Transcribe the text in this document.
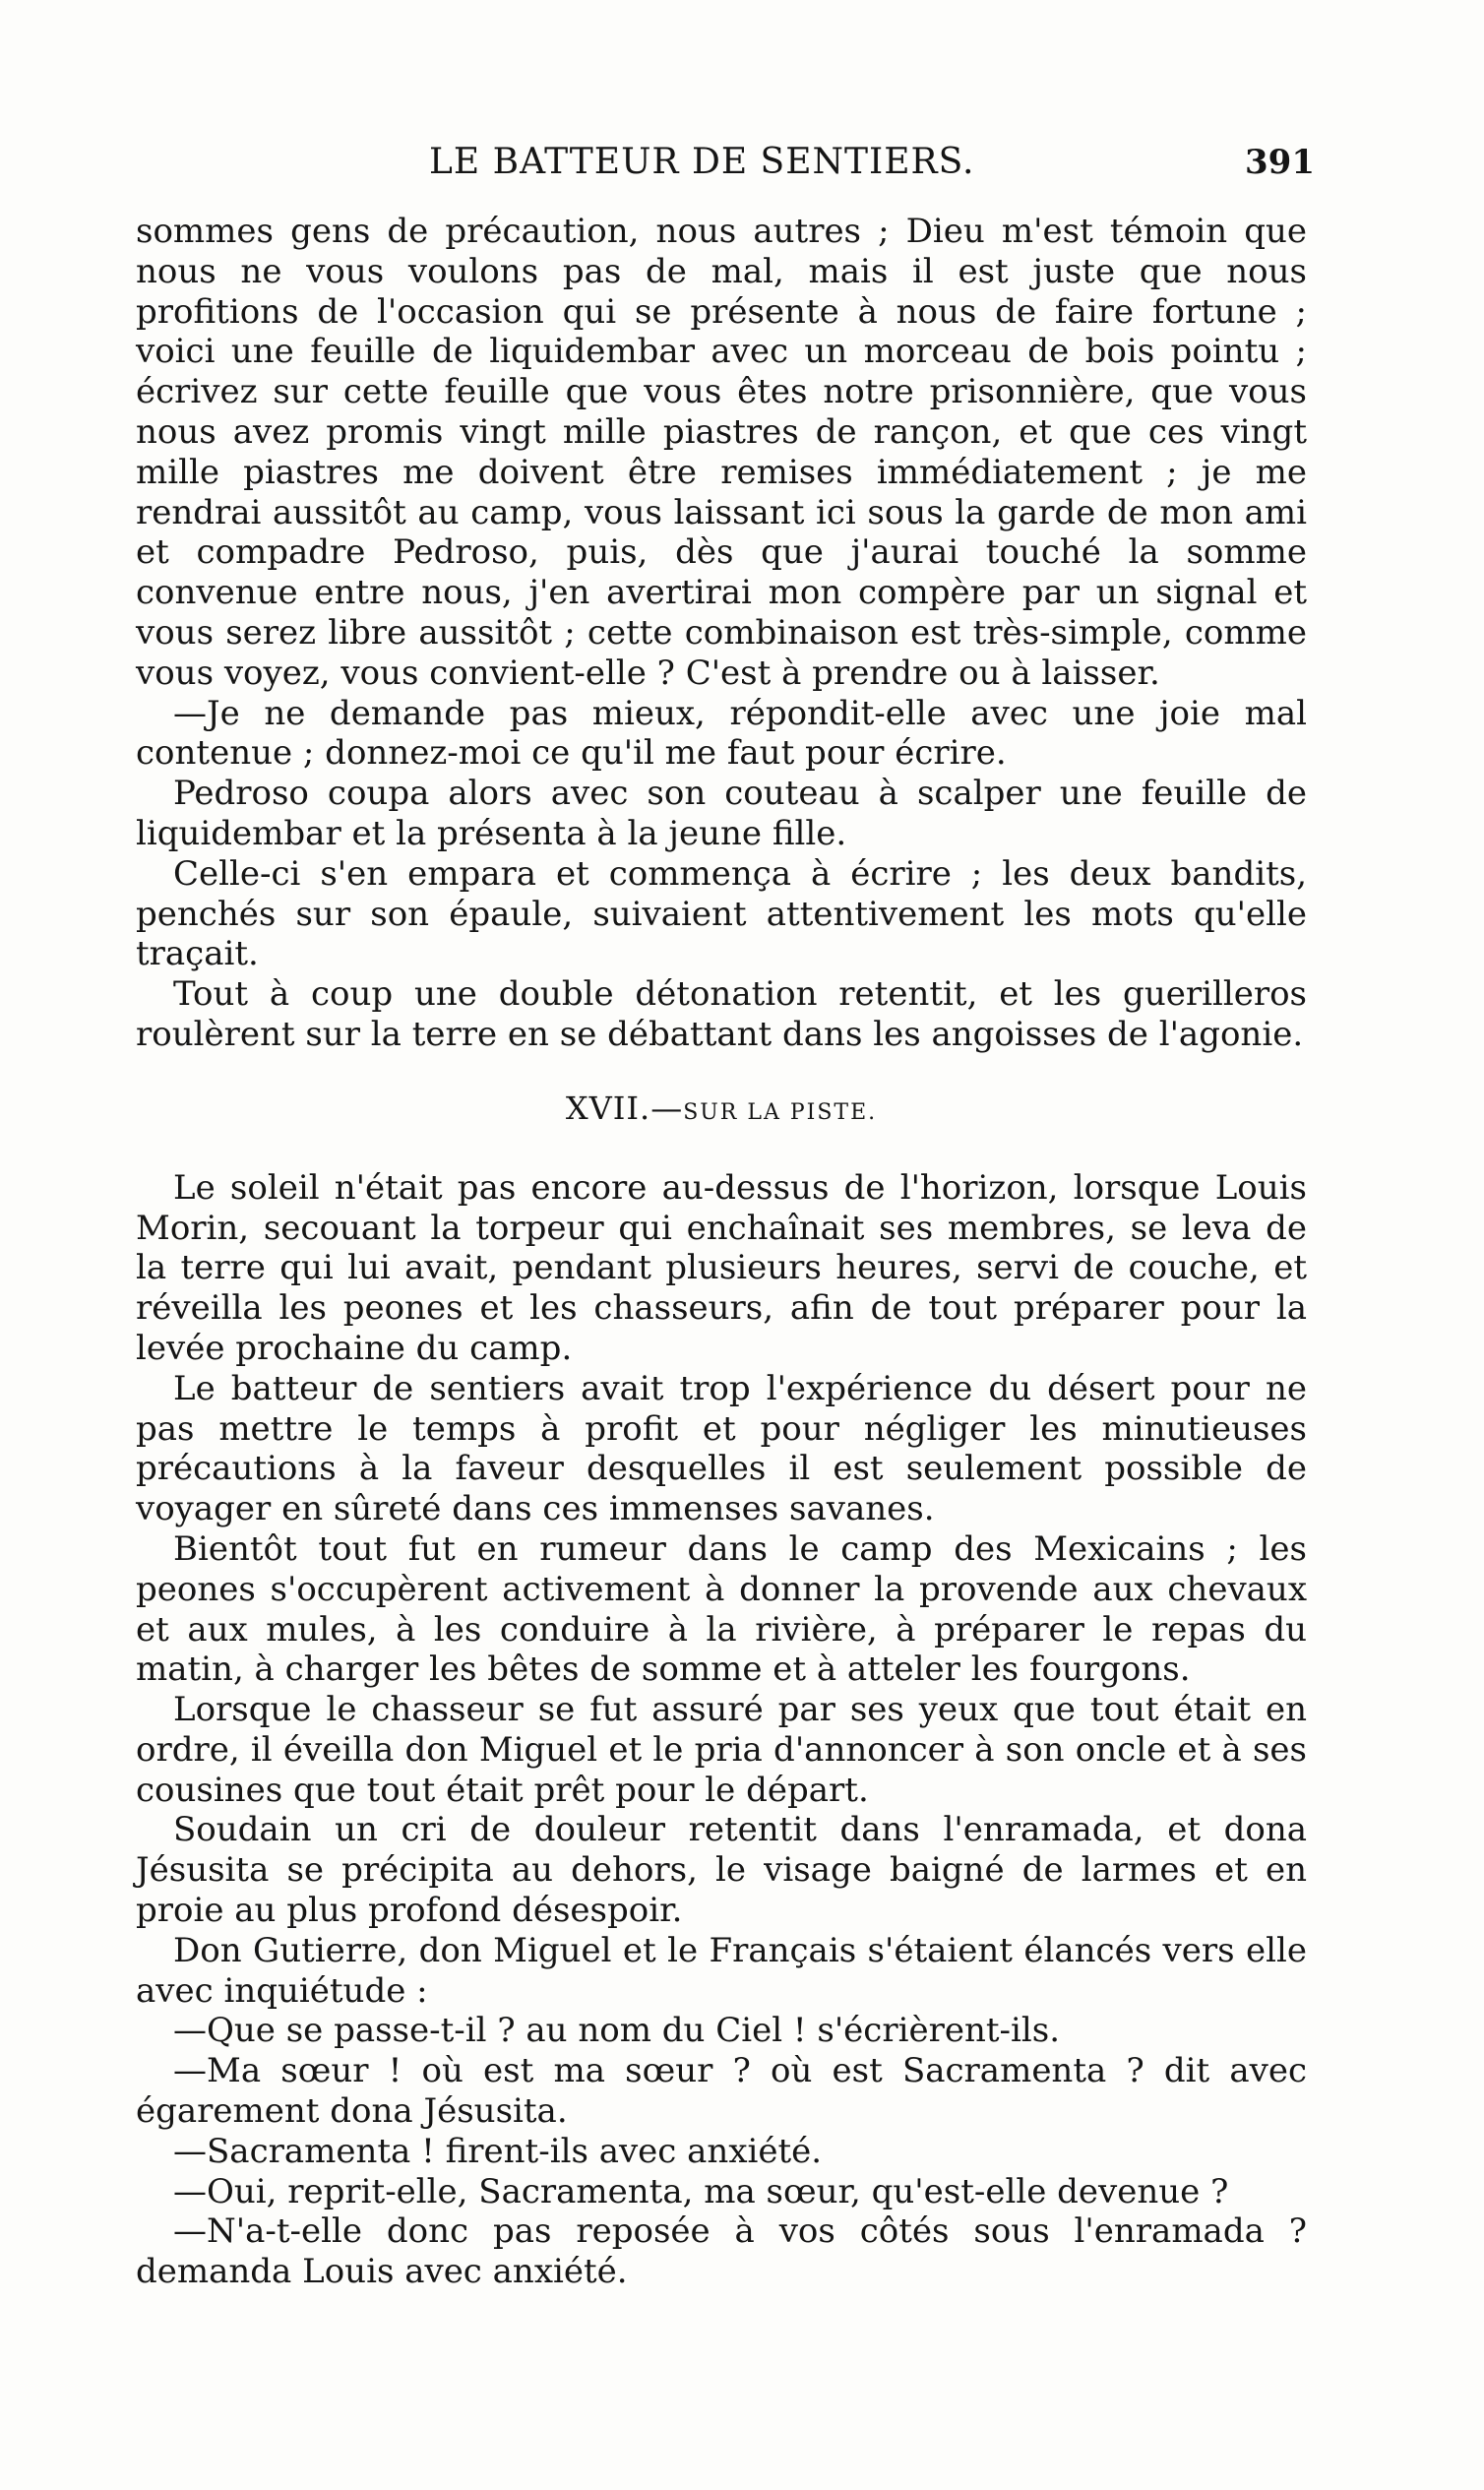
LE BATTEUR DE SENTIERS.	391

sommes gens de précaution, nous autres ; Dieu m'est témoin que nous ne vous voulons pas de mal, mais il est juste que nous profitions de l'occasion qui se présente à nous de faire fortune ; voici une feuille de liquidembar avec un morceau de bois pointu ; écrivez sur cette feuille que vous êtes notre prisonnière, que vous nous avez promis vingt mille piastres de rançon, et que ces vingt mille piastres me doivent être remises immédiatement ; je me rendrai aussitôt au camp, vous laissant ici sous la garde de mon ami et compadre Pedroso, puis, dès que j'aurai touché la somme convenue entre nous, j'en avertirai mon compère par un signal et vous serez libre aussitôt ; cette combinaison est très-simple, comme vous voyez, vous convient-elle ? C'est à prendre ou à laisser.

—Je ne demande pas mieux, répondit-elle avec une joie mal contenue ; donnez-moi ce qu'il me faut pour écrire.

Pedroso coupa alors avec son couteau à scalper une feuille de liquidembar et la présenta à la jeune fille.

Celle-ci s'en empara et commença à écrire ; les deux bandits, penchés sur son épaule, suivaient attentivement les mots qu'elle traçait.

Tout à coup une double détonation retentit, et les guerilleros roulèrent sur la terre en se débattant dans les angoisses de l'agonie.

XVII.—SUR LA PISTE.

Le soleil n'était pas encore au-dessus de l'horizon, lorsque Louis Morin, secouant la torpeur qui enchaînait ses membres, se leva de la terre qui lui avait, pendant plusieurs heures, servi de couche, et réveilla les peones et les chasseurs, afin de tout préparer pour la levée prochaine du camp.

Le batteur de sentiers avait trop l'expérience du désert pour ne pas mettre le temps à profit et pour négliger les minutieuses précautions à la faveur desquelles il est seulement possible de voyager en sûreté dans ces immenses savanes.

Bientôt tout fut en rumeur dans le camp des Mexicains ; les peones s'occupèrent activement à donner la provende aux chevaux et aux mules, à les conduire à la rivière, à préparer le repas du matin, à charger les bêtes de somme et à atteler les fourgons.

Lorsque le chasseur se fut assuré par ses yeux que tout était en ordre, il éveilla don Miguel et le pria d'annoncer à son oncle et à ses cousines que tout était prêt pour le départ.

Soudain un cri de douleur retentit dans l'enramada, et dona Jésusita se précipita au dehors, le visage baigné de larmes et en proie au plus profond désespoir.

Don Gutierre, don Miguel et le Français s'étaient élancés vers elle avec inquiétude :

—Que se passe-t-il ? au nom du Ciel ! s'écrièrent-ils.

—Ma sœur ! où est ma sœur ? où est Sacramenta ? dit avec égarement dona Jésusita.

—Sacramenta ! firent-ils avec anxiété.

—Oui, reprit-elle, Sacramenta, ma sœur, qu'est-elle devenue ?

—N'a-t-elle donc pas reposée à vos côtés sous l'enramada ? demanda Louis avec anxiété.
